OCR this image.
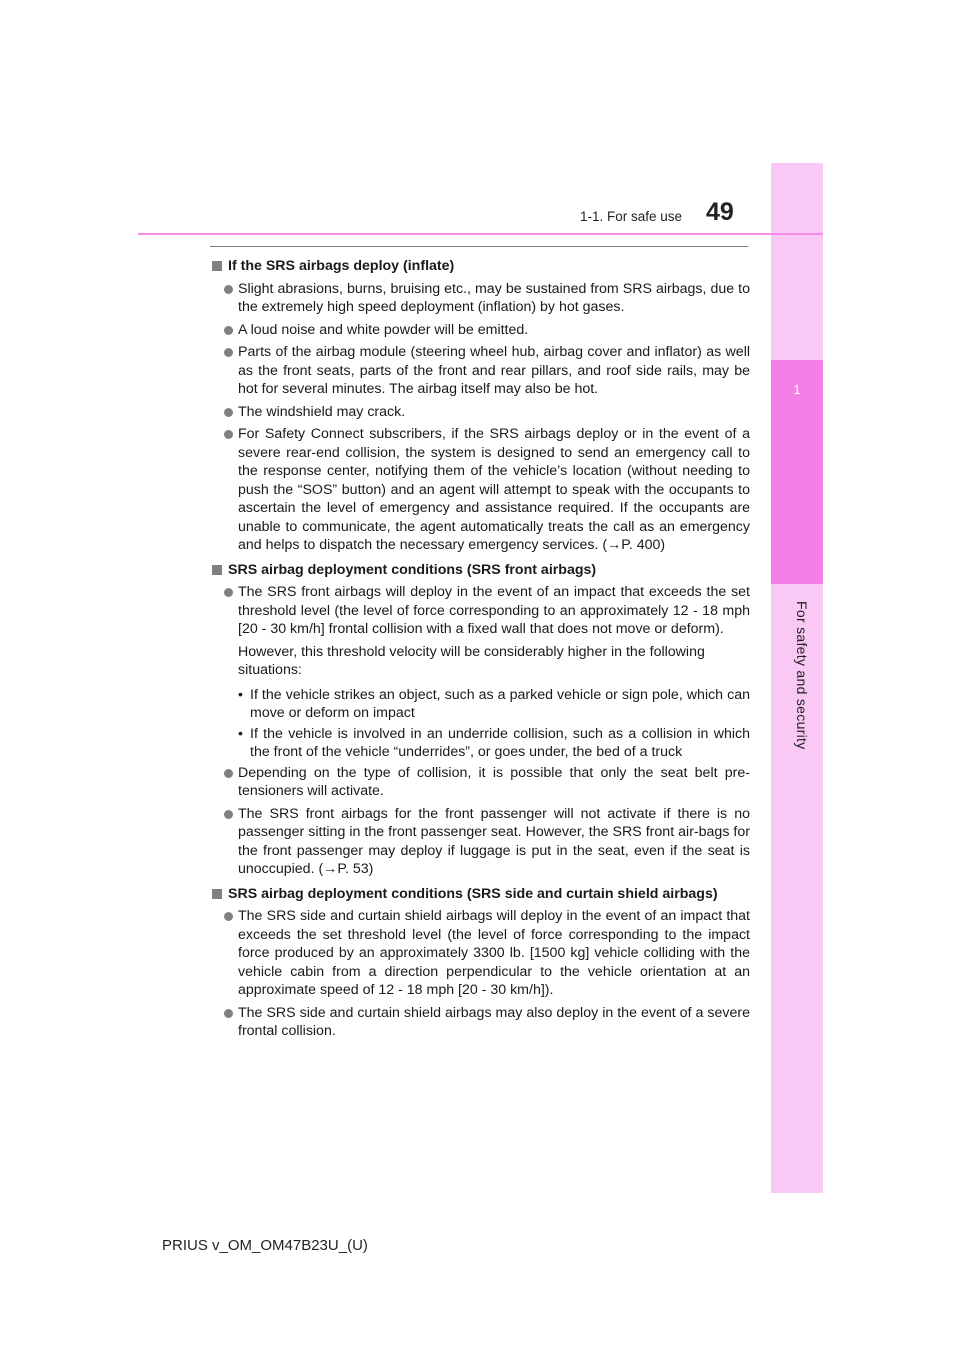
1
For safety and security
1-1. For safe use 49
If the SRS airbags deploy (inflate)
Slight abrasions, burns, bruising etc., may be sustained from SRS airbags, due to the extremely high speed deployment (inflation) by hot gases.
A loud noise and white powder will be emitted.
Parts of the airbag module (steering wheel hub, airbag cover and inflator) as well as the front seats, parts of the front and rear pillars, and roof side rails, may be hot for several minutes. The airbag itself may also be hot.
The windshield may crack.
For Safety Connect subscribers, if the SRS airbags deploy or in the event of a severe rear-end collision, the system is designed to send an emergency call to the response center, notifying them of the vehicle’s location (without needing to push the “SOS” button) and an agent will attempt to speak with the occupants to ascertain the level of emergency and assistance required. If the occupants are unable to communicate, the agent automatically treats the call as an emergency and helps to dispatch the necessary emergency services. (→P. 400)
SRS airbag deployment conditions (SRS front airbags)
The SRS front airbags will deploy in the event of an impact that exceeds the set threshold level (the level of force corresponding to an approximately 12 - 18 mph [20 - 30 km/h] frontal collision with a fixed wall that does not move or deform).
However, this threshold velocity will be considerably higher in the following situations:
• If the vehicle strikes an object, such as a parked vehicle or sign pole, which can move or deform on impact
• If the vehicle is involved in an underride collision, such as a collision in which the front of the vehicle “underrides”, or goes under, the bed of a truck
Depending on the type of collision, it is possible that only the seat belt pre-tensioners will activate.
The SRS front airbags for the front passenger will not activate if there is no passenger sitting in the front passenger seat. However, the SRS front air-bags for the front passenger may deploy if luggage is put in the seat, even if the seat is unoccupied. (→P. 53)
SRS airbag deployment conditions (SRS side and curtain shield airbags)
The SRS side and curtain shield airbags will deploy in the event of an impact that exceeds the set threshold level (the level of force corresponding to the impact force produced by an approximately 3300 lb. [1500 kg] vehicle colliding with the vehicle cabin from a direction perpendicular to the vehicle orientation at an approximate speed of 12 - 18 mph [20 - 30 km/h]).
The SRS side and curtain shield airbags may also deploy in the event of a severe frontal collision.
PRIUS v_OM_OM47B23U_(U)
